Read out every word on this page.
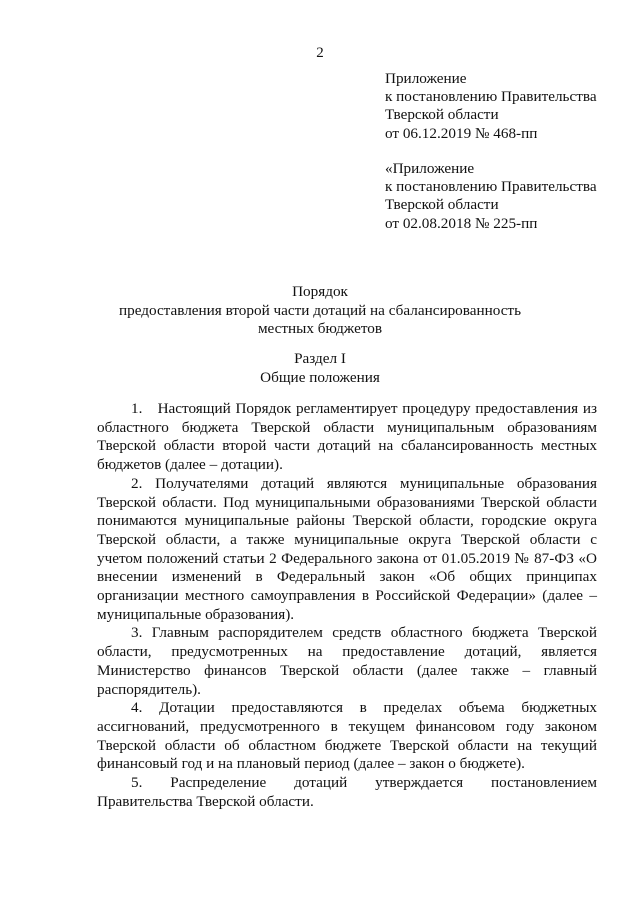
2
Приложение
к постановлению Правительства
Тверской области
от 06.12.2019 № 468-пп
«Приложение
к постановлению Правительства
Тверской области
от 02.08.2018 № 225-пп
Порядок
предоставления второй части дотаций на сбалансированность
местных бюджетов
Раздел I
Общие положения

1. Настоящий Порядок регламентирует процедуру предоставления из областного бюджета Тверской области муниципальным образованиям Тверской области второй части дотаций на сбалансированность местных бюджетов (далее – дотации).

2. Получателями дотаций являются муниципальные образования Тверской области. Под муниципальными образованиями Тверской области понимаются муниципальные районы Тверской области, городские округа Тверской области, а также муниципальные округа Тверской области с учетом положений статьи 2 Федерального закона от 01.05.2019 № 87-ФЗ «О внесении изменений в Федеральный закон «Об общих принципах организации местного самоуправления в Российской Федерации» (далее – муниципальные образования).

3. Главным распорядителем средств областного бюджета Тверской области, предусмотренных на предоставление дотаций, является Министерство финансов Тверской области (далее также – главный распорядитель).

4. Дотации предоставляются в пределах объема бюджетных ассигнований, предусмотренного в текущем финансовом году законом Тверской области об областном бюджете Тверской области на текущий финансовый год и на плановый период (далее – закон о бюджете).

5. Распределение дотаций утверждается постановлением Правительства Тверской области.
